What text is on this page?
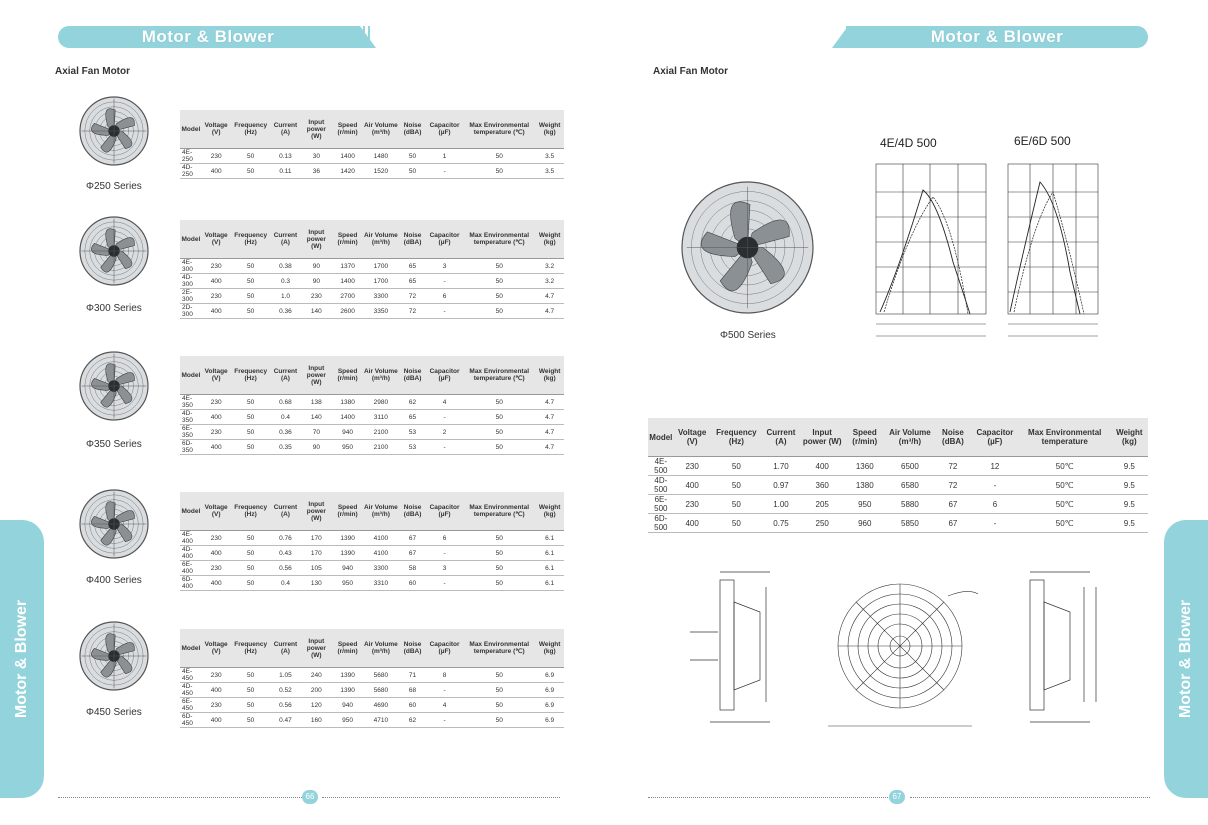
Motor & Blower	Motor & Blower
Axial Fan Motor	Axial Fan Motor
Motor & Blower	Motor & Blower
66	67
Φ250 Series
Φ300 Series
Φ350 Series
Φ400 Series
Φ450 Series
Model	Voltage (V)	Frequency (Hz)	Current (A)	Input power (W)	Speed (r/min)	Air Volume (m³/h)	Noise (dBA)	Capacitor (µF)	Max Environmental temperature (℃)	Weight (kg)
4E-250	230	50	0.13	30	1400	1480	50	1	50	3.5
4D-250	400	50	0.11	36	1420	1520	50	-	50	3.5
Model	Voltage (V)	Frequency (Hz)	Current (A)	Input power (W)	Speed (r/min)	Air Volume (m³/h)	Noise (dBA)	Capacitor (µF)	Max Environmental temperature (℃)	Weight (kg)
4E-300	230	50	0.38	90	1370	1700	65	3	50	3.2
4D-300	400	50	0.3	90	1400	1700	65	-	50	3.2
2E-300	230	50	1.0	230	2700	3300	72	6	50	4.7
2D-300	400	50	0.36	140	2600	3350	72	-	50	4.7
Model	Voltage (V)	Frequency (Hz)	Current (A)	Input power (W)	Speed (r/min)	Air Volume (m³/h)	Noise (dBA)	Capacitor (µF)	Max Environmental temperature (℃)	Weight (kg)
4E-350	230	50	0.68	138	1380	2980	62	4	50	4.7
4D-350	400	50	0.4	140	1400	3110	65	-	50	4.7
6E-350	230	50	0.36	70	940	2100	53	2	50	4.7
6D-350	400	50	0.35	90	950	2100	53	-	50	4.7
Model	Voltage (V)	Frequency (Hz)	Current (A)	Input power (W)	Speed (r/min)	Air Volume (m³/h)	Noise (dBA)	Capacitor (µF)	Max Environmental temperature (℃)	Weight (kg)
4E-400	230	50	0.76	170	1390	4100	67	6	50	6.1
4D-400	400	50	0.43	170	1390	4100	67	-	50	6.1
6E-400	230	50	0.56	105	940	3300	58	3	50	6.1
6D-400	400	50	0.4	130	950	3310	60	-	50	6.1
Model	Voltage (V)	Frequency (Hz)	Current (A)	Input power (W)	Speed (r/min)	Air Volume (m³/h)	Noise (dBA)	Capacitor (µF)	Max Environmental temperature (℃)	Weight (kg)
4E-450	230	50	1.05	240	1390	5680	71	8	50	6.9
4D-450	400	50	0.52	200	1390	5680	68	-	50	6.9
6E-450	230	50	0.56	120	940	4690	60	4	50	6.9
6D-450	400	50	0.47	160	950	4710	62	-	50	6.9
Φ500 Series
4E/4D 500	6E/6D 500
Model	Voltage (V)	Frequency (Hz)	Current (A)	Input power (W)	Speed (r/min)	Air Volume (m³/h)	Noise (dBA)	Capacitor (µF)	Max Environmental temperature	Weight (kg)
4E-500	230	50	1.70	400	1360	6500	72	12	50℃	9.5
4D-500	400	50	0.97	360	1380	6580	72	-	50℃	9.5
6E-500	230	50	1.00	205	950	5880	67	6	50℃	9.5
6D-500	400	50	0.75	250	960	5850	67	-	50℃	9.5
